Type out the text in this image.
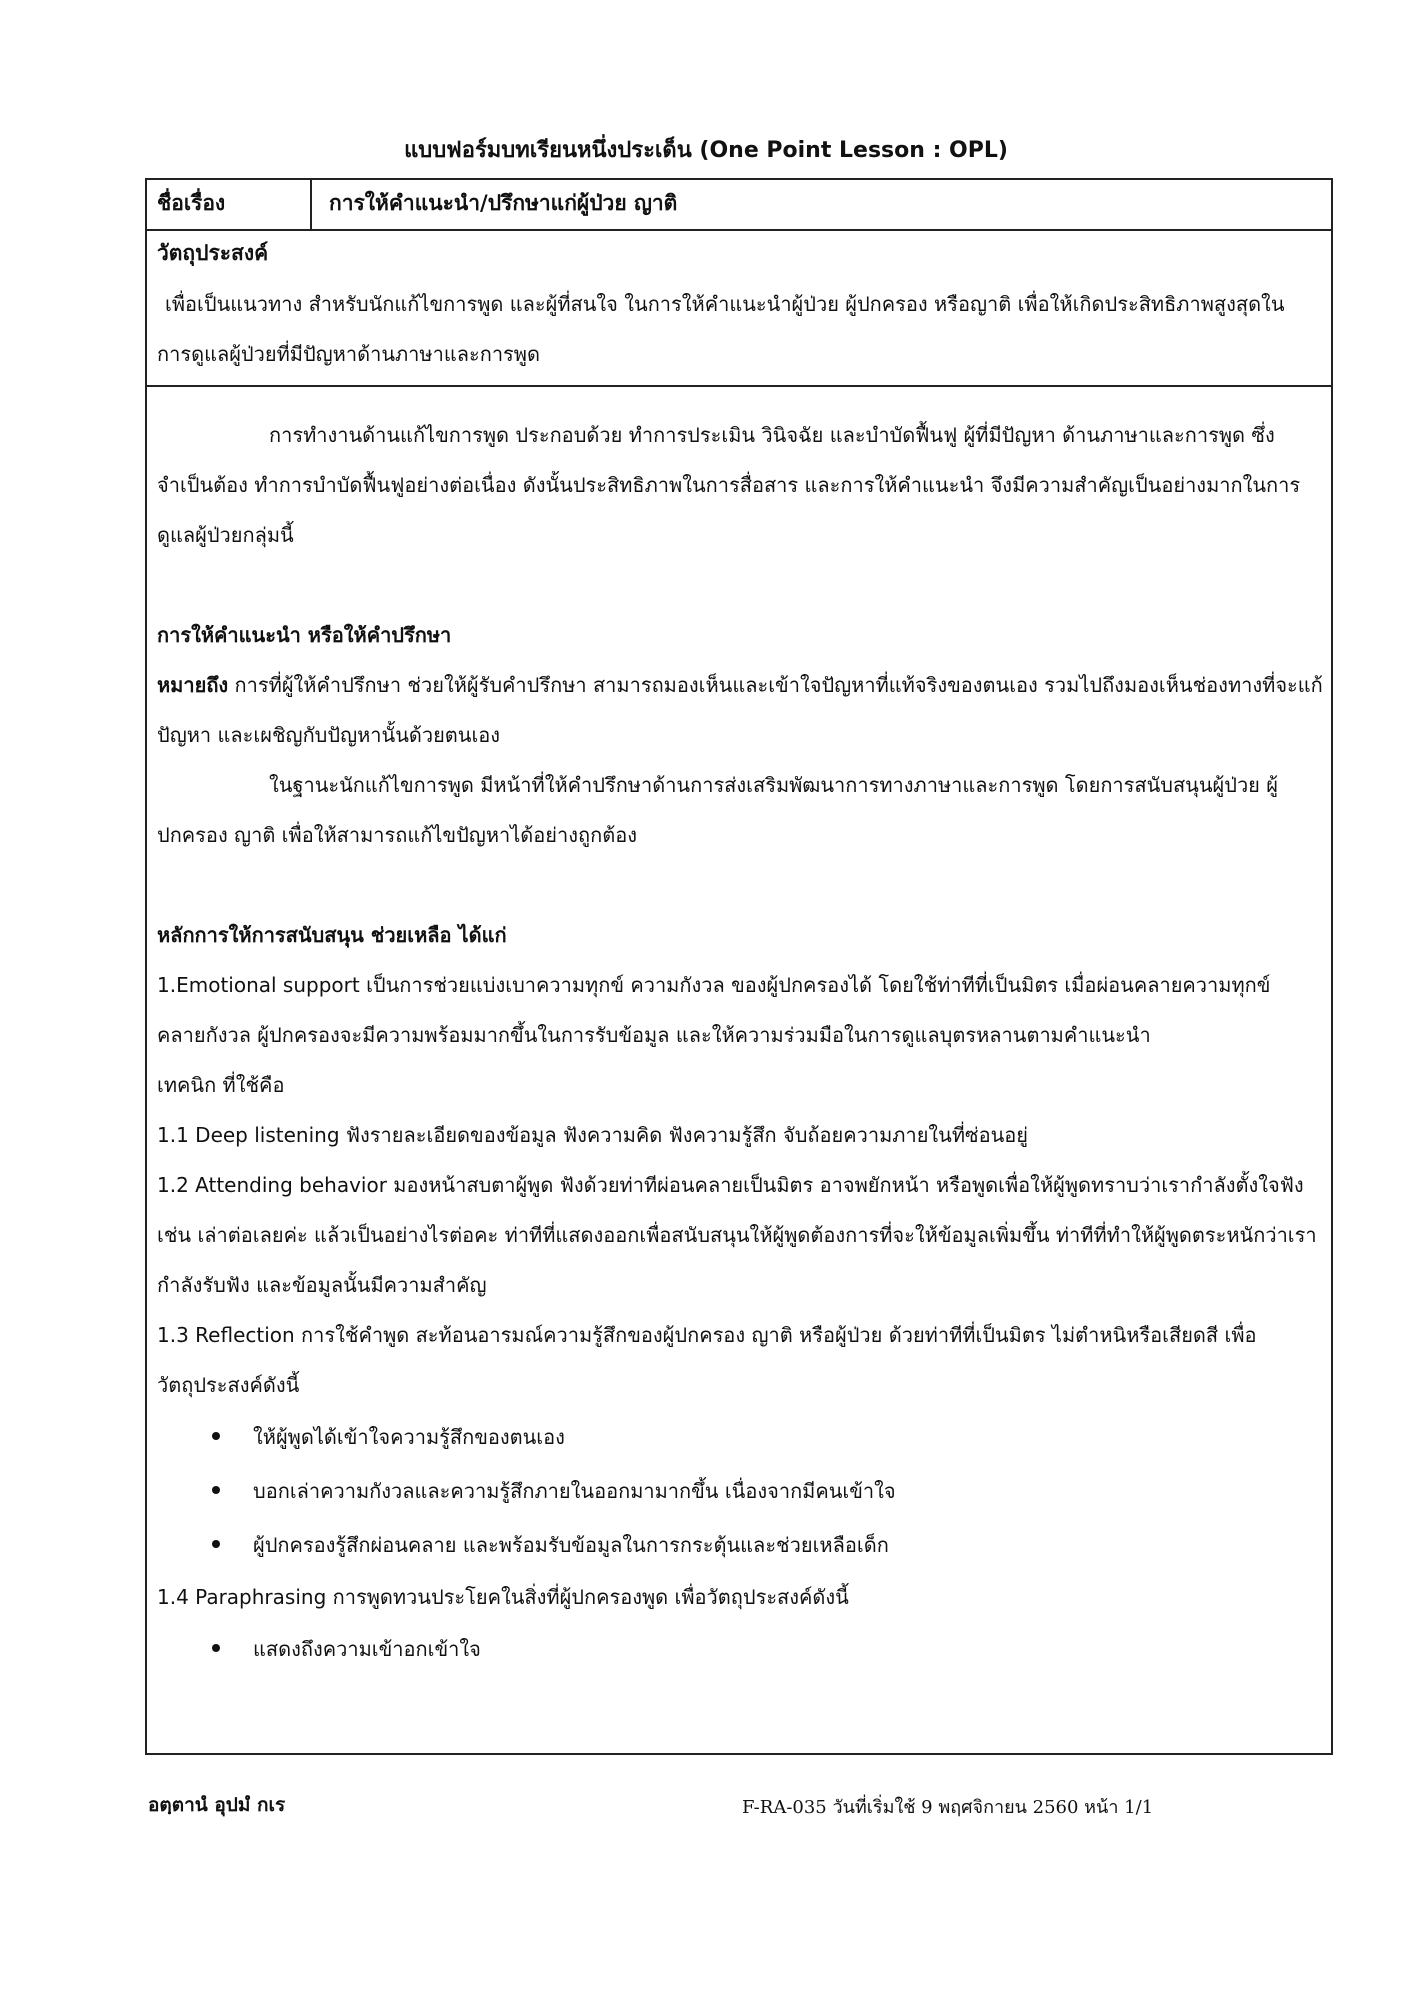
แบบฟอร์มบทเรียนหนึ่งประเด็น (One Point Lesson : OPL)
ชื่อเรื่อง	การให้คำแนะนำ/ปรึกษาแก่ผู้ป่วย ญาติ
วัตถุประสงค์
เพื่อเป็นแนวทาง สำหรับนักแก้ไขการพูด และผู้ที่สนใจ ในการให้คำแนะนำผู้ป่วย ผู้ปกครอง หรือญาติ เพื่อให้เกิดประสิทธิภาพสูงสุดในการดูแลผู้ป่วยที่มีปัญหาด้านภาษาและการพูด

การทำงานด้านแก้ไขการพูด ประกอบด้วย ทำการประเมิน วินิจฉัย และบำบัดฟื้นฟู ผู้ที่มีปัญหา ด้านภาษาและการพูด ซึ่งจำเป็นต้อง ทำการบำบัดฟื้นฟูอย่างต่อเนื่อง ดังนั้นประสิทธิภาพในการสื่อสาร และการให้คำแนะนำ จึงมีความสำคัญเป็นอย่างมากในการดูแลผู้ป่วยกลุ่มนี้

การให้คำแนะนำ หรือให้คำปรึกษา

หมายถึง การที่ผู้ให้คำปรึกษา ช่วยให้ผู้รับคำปรึกษา สามารถมองเห็นและเข้าใจปัญหาที่แท้จริงของตนเอง รวมไปถึงมองเห็นช่องทางที่จะแก้ปัญหา และเผชิญกับปัญหานั้นด้วยตนเอง

ในฐานะนักแก้ไขการพูด มีหน้าที่ให้คำปรึกษาด้านการส่งเสริมพัฒนาการทางภาษาและการพูด โดยการสนับสนุนผู้ป่วย ผู้ปกครอง ญาติ เพื่อให้สามารถแก้ไขปัญหาได้อย่างถูกต้อง

หลักการให้การสนับสนุน ช่วยเหลือ ได้แก่

1.Emotional support เป็นการช่วยแบ่งเบาความทุกข์ ความกังวล ของผู้ปกครองได้ โดยใช้ท่าทีที่เป็นมิตร เมื่อผ่อนคลายความทุกข์ คลายกังวล ผู้ปกครองจะมีความพร้อมมากขึ้นในการรับข้อมูล และให้ความร่วมมือในการดูแลบุตรหลานตามคำแนะนำ

เทคนิก ที่ใช้คือ

1.1 Deep listening ฟังรายละเอียดของข้อมูล ฟังความคิด ฟังความรู้สึก จับถ้อยความภายในที่ซ่อนอยู่

1.2 Attending behavior มองหน้าสบตาผู้พูด ฟังด้วยท่าทีผ่อนคลายเป็นมิตร อาจพยักหน้า หรือพูดเพื่อให้ผู้พูดทราบว่าเรากำลังตั้งใจฟัง เช่น เล่าต่อเลยค่ะ แล้วเป็นอย่างไรต่อคะ ท่าทีที่แสดงออกเพื่อสนับสนุนให้ผู้พูดต้องการที่จะให้ข้อมูลเพิ่มขึ้น ท่าทีที่ทำให้ผู้พูดตระหนักว่าเรากำลังรับฟัง และข้อมูลนั้นมีความสำคัญ

1.3 Reflection การใช้คำพูด สะท้อนอารมณ์ความรู้สึกของผู้ปกครอง ญาติ หรือผู้ป่วย ด้วยท่าทีที่เป็นมิตร ไม่ตำหนิหรือเสียดสี เพื่อวัตถุประสงค์ดังนี้

ให้ผู้พูดได้เข้าใจความรู้สึกของตนเอง
บอกเล่าความกังวลและความรู้สึกภายในออกมามากขึ้น เนื่องจากมีคนเข้าใจ
ผู้ปกครองรู้สึกผ่อนคลาย และพร้อมรับข้อมูลในการกระตุ้นและช่วยเหลือเด็ก

1.4 Paraphrasing การพูดทวนประโยคในสิ่งที่ผู้ปกครองพูด เพื่อวัตถุประสงค์ดังนี้

แสดงถึงความเข้าอกเข้าใจ
อตฺตานํ อุปมํ กเร	F-RA-035 วันที่เริ่มใช้ 9 พฤศจิกายน 2560 หน้า 1/1
